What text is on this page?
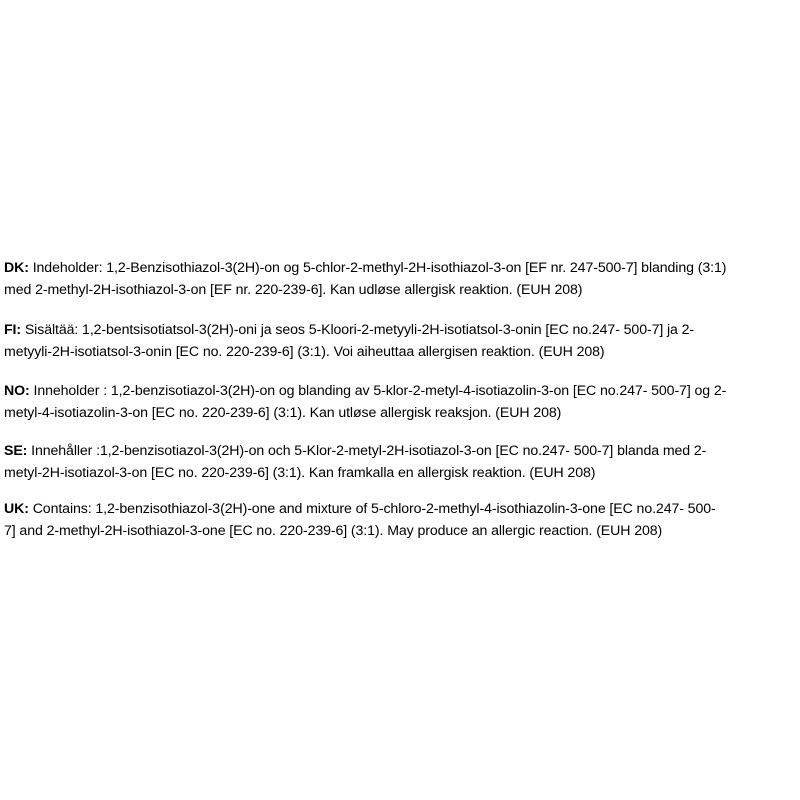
DK: Indeholder: 1,2-Benzisothiazol-3(2H)-on og 5-chlor-2-methyl-2H-isothiazol-3-on [EF nr. 247-500-7] blanding (3:1)
med 2-methyl-2H-isothiazol-3-on [EF nr. 220-239-6]. Kan udløse allergisk reaktion. (EUH 208)
FI: Sisältää: 1,2-bentsisotiatsol-3(2H)-oni ja seos 5-Kloori-2-metyyli-2H-isotiatsol-3-onin [EC no.247- 500-7] ja 2-
metyyli-2H-isotiatsol-3-onin [EC no. 220-239-6] (3:1). Voi aiheuttaa allergisen reaktion. (EUH 208)
NO: Inneholder : 1,2-benzisotiazol-3(2H)-on og blanding av 5-klor-2-metyl-4-isotiazolin-3-on [EC no.247- 500-7] og 2-
metyl-4-isotiazolin-3-on [EC no. 220-239-6] (3:1). Kan utløse allergisk reaksjon. (EUH 208)
SE: Innehåller :1,2-benzisotiazol-3(2H)-on och 5-Klor-2-metyl-2H-isotiazol-3-on [EC no.247- 500-7] blanda med 2-
metyl-2H-isotiazol-3-on [EC no. 220-239-6] (3:1). Kan framkalla en allergisk reaktion. (EUH 208)
UK: Contains: 1,2-benzisothiazol-3(2H)-one and mixture of 5-chloro-2-methyl-4-isothiazolin-3-one [EC no.247- 500-
7] and 2-methyl-2H-isothiazol-3-one [EC no. 220-239-6] (3:1). May produce an allergic reaction. (EUH 208)
